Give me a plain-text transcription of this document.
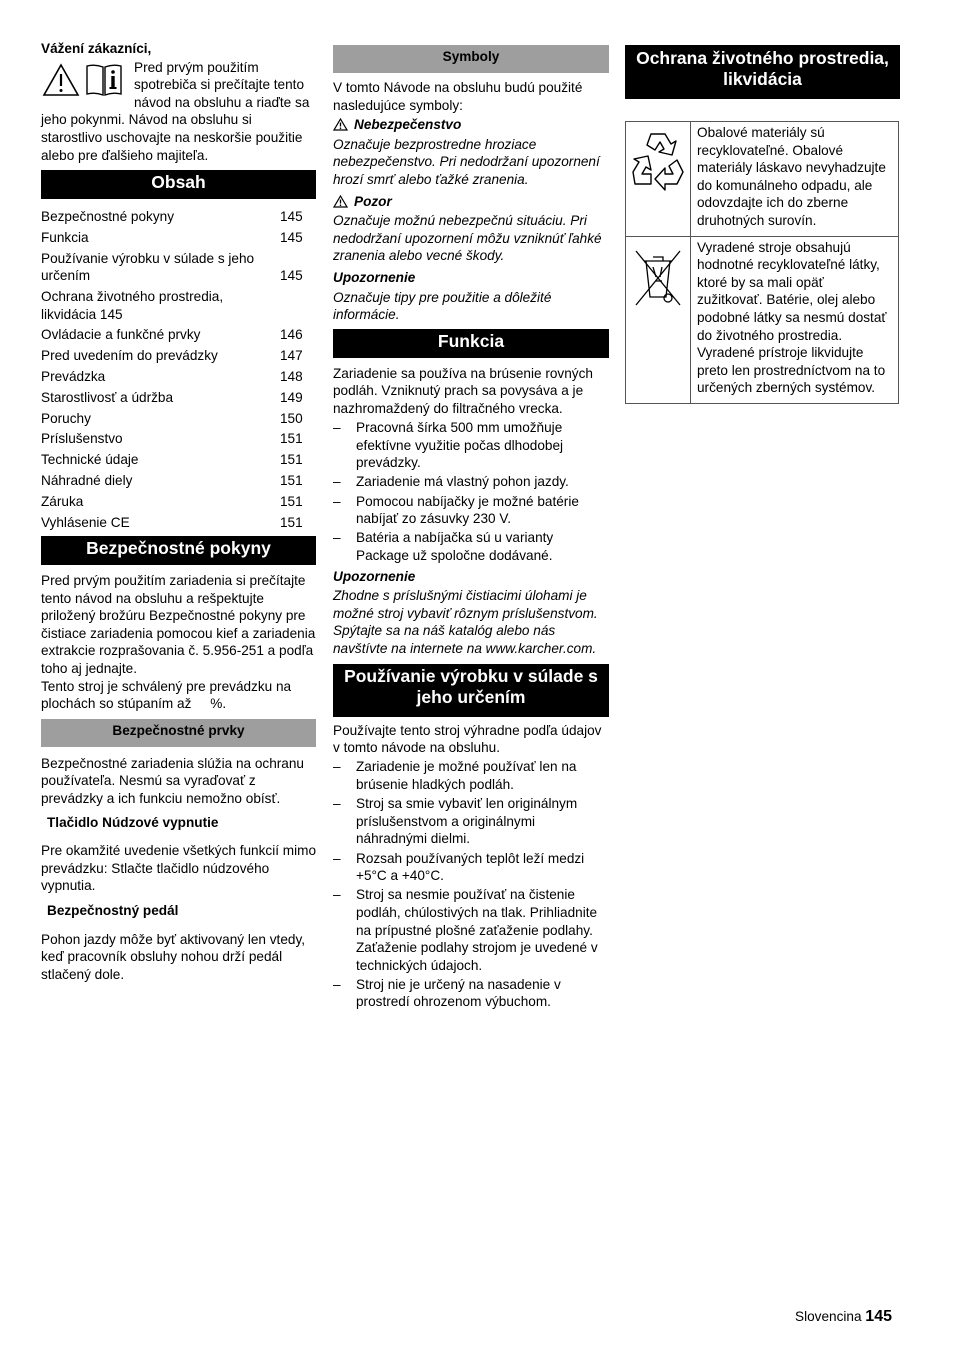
Vážení zákazníci,

Pred prvým použitím spotrebiča si prečítajte tento návod na obsluhu a riaďte sa

jeho pokynmi. Návod na obsluhu si starostlivo uschovajte na neskoršie použitie alebo pre ďalšieho majiteľa.

Obsah
Bezpečnostné pokyny	145
Funkcia	145
Používanie výrobku v súlade s jeho určením	145
Ochrana životného prostredia, likvidácia 145
Ovládacie a funkčné prvky	146
Pred uvedením do prevádzky	147
Prevádzka	148
Starostlivosť a údržba	149
Poruchy	150
Príslušenstvo	151
Technické údaje	151
Náhradné diely	151
Záruka	151
Vyhlásenie CE	151
Bezpečnostné pokyny

Pred prvým použitím zariadenia si prečítajte tento návod na obsluhu a rešpektujte priložený brožúru Bezpečnostné pokyny pre čistiace zariadenia pomocou kief a zariadenia extrakcie rozprašovania č. 5.956-251 a podľa toho aj jednajte.

Tento stroj je schválený pre prevádzku na plochách so stúpaním až     %.

Bezpečnostné prvky

Bezpečnostné zariadenia slúžia na ochranu používateľa. Nesmú sa vyraďovať z prevádzky a ich funkciu nemožno obísť.

Tlačidlo Núdzové vypnutie

Pre okamžité uvedenie všetkých funkcií mimo prevádzku: Stlačte tlačidlo núdzového vypnutia.

Bezpečnostný pedál

Pohon jazdy môže byť aktivovaný len vtedy, keď pracovník obsluhy nohou drží pedál stlačený dole.

Symboly

V tomto Návode na obsluhu budú použité nasledujúce symboly:

Nebezpečenstvo

Označuje bezprostredne hroziace nebezpečenstvo. Pri nedodržaní upozornení hrozí smrť alebo ťažké zranenia.

Pozor

Označuje možnú nebezpečnú situáciu. Pri nedodržaní upozornení môžu vzniknúť ľahké zranenia alebo vecné škody.

Upozornenie

Označuje tipy pre použitie a dôležité informácie.

Funkcia

Zariadenie sa používa na brúsenie rovných podláh. Vzniknutý prach sa povysáva a je nazhromaždený do filtračného vrecka.

– Pracovná šírka 500 mm umožňuje efektívne využitie počas dlhodobej prevádzky.
– Zariadenie má vlastný pohon jazdy.
– Pomocou nabíjačky je možné batérie nabíjať zo zásuvky 230 V.
– Batéria a nabíjačka sú u varianty Package už spoločne dodávané.

Upozornenie

Zhodne s príslušnými čistiacimi úlohami je možné stroj vybaviť rôznym príslušenstvom.

Spýtajte sa na náš katalóg alebo nás navštívte na internete na www.karcher.com.

Používanie výrobku v súlade s jeho určením

Používajte tento stroj výhradne podľa údajov v tomto návode na obsluhu.

– Zariadenie je možné používať len na brúsenie hladkých podláh.
– Stroj sa smie vybaviť len originálnym príslušenstvom a originálnymi náhradnými dielmi.
– Rozsah používaných teplôt leží medzi +5°C a +40°C.
– Stroj sa nesmie používať na čistenie podláh, chúlostivých na tlak. Prihliadnite na prípustné plošné zaťaženie podlahy. Zaťaženie podlahy strojom je uvedené v technických údajoch.
– Stroj nie je určený na nasadenie v prostredí ohrozenom výbuchom.
Ochrana životného prostredia, likvidácia
	Obalové materiály sú recyklovateľné. Obalové materiály láskavo nevyhadzujte do komunálneho odpadu, ale odovzdajte ich do zberne druhotných surovín.
	Vyradené stroje obsahujú hodnotné recyklovateľné látky, ktoré by sa mali opäť zužitkovať. Batérie, olej alebo podobné látky sa nesmú dostať do životného prostredia. Vyradené prístroje likvidujte preto len prostredníctvom na to určených zberných systémov.
Slovencina 145
